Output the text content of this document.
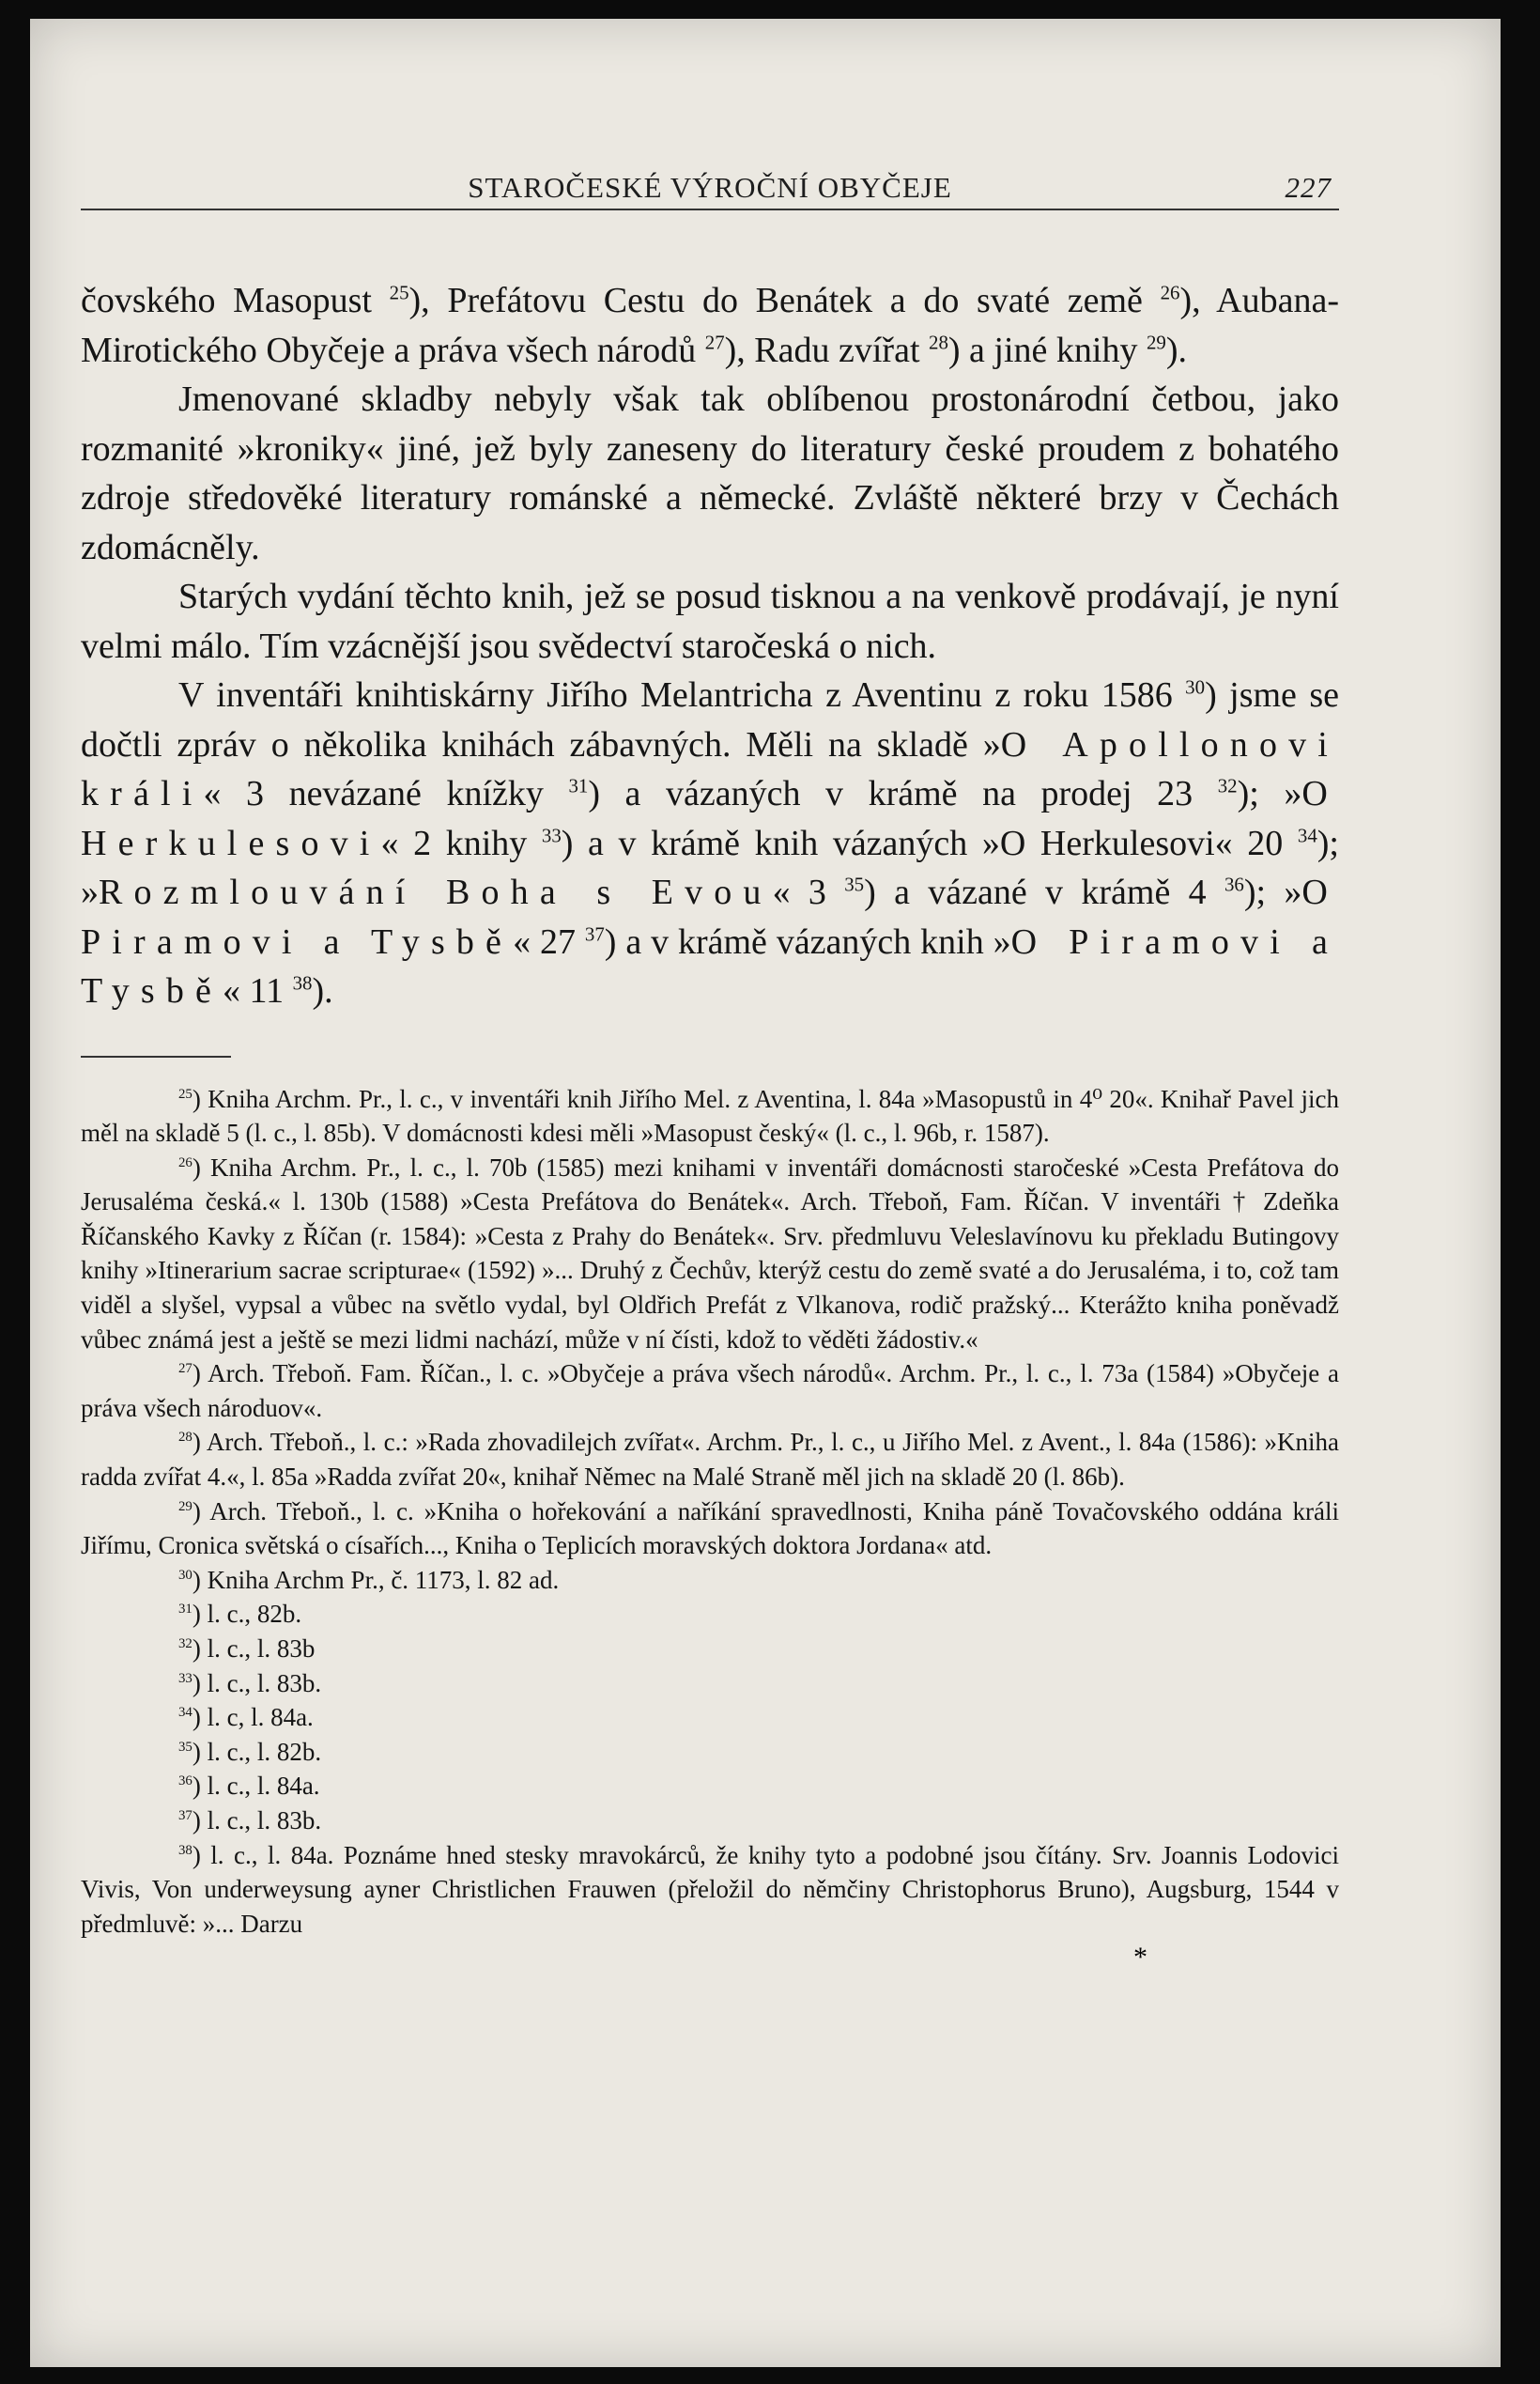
STAROČESKÉ VÝROČNÍ OBYČEJE	227

čovského Masopust $^{25}$), Prefátovu Cestu do Benátek a do svaté země $^{26}$), Aubana-Mirotického Obyčeje a práva všech národů $^{27}$), Radu zvířat $^{28}$) a jiné knihy $^{29}$).

Jmenované skladby nebyly však tak oblíbenou prostonárodní četbou, jako rozmanité »kroniky« jiné, jež byly zaneseny do literatury české proudem z bohatého zdroje středověké literatury románské a německé. Zvláště některé brzy v Čechách zdomácněly.

Starých vydání těchto knih, jež se posud tisknou a na venkově prodávají, je nyní velmi málo. Tím vzácnější jsou svědectví staročeská o nich.

V inventáři knihtiskárny Jiřího Melantricha z Aventinu z roku 1586 $^{30}$) jsme se dočtli zpráv o několika knihách zábavných. Měli na skladě »O Apollonovi králi« 3 nevázané knížky $^{31}$) a vázaných v krámě na prodej 23 $^{32}$); »O Herkulesovi« 2 knihy $^{33}$) a v krámě knih vázaných »O Herkulesovi« 20 $^{34}$); »Rozmlouvání Boha s Evou« 3 $^{35}$) a vázané v krámě 4 $^{36}$); »O Piramovi a Tysbě« 27 $^{37}$) a v krámě vázaných knih »O Piramovi a Tysbě« 11 $^{38}$).

$^{25}$) Kniha Archm. Pr., l. c., v inventáři knih Jiřího Mel. z Aventina, l. 84a »Masopustů in 4⁰ 20«. Knihař Pavel jich měl na skladě 5 (l. c., l. 85b). V domácnosti kdesi měli »Masopust český« (l. c., l. 96b, r. 1587).

$^{26}$) Kniha Archm. Pr., l. c., l. 70b (1585) mezi knihami v inventáři domácnosti staročeské »Cesta Prefátova do Jerusaléma česká.« l. 130b (1588) »Cesta Prefátova do Benátek«. Arch. Třeboň, Fam. Říčan. V inventáři † Zdeňka Říčanského Kavky z Říčan (r. 1584): »Cesta z Prahy do Benátek«. Srv. předmluvu Veleslavínovu ku překladu Butingovy knihy »Itinerarium sacrae scripturae« (1592) »... Druhý z Čechův, kterýž cestu do země svaté a do Jerusaléma, i to, což tam viděl a slyšel, vypsal a vůbec na světlo vydal, byl Oldřich Prefát z Vlkanova, rodič pražský... Kterážto kniha poněvadž vůbec známá jest a ještě se mezi lidmi nachází, může v ní čísti, kdož to věděti žádostiv.«

$^{27}$) Arch. Třeboň. Fam. Říčan., l. c. »Obyčeje a práva všech národů«. Archm. Pr., l. c., l. 73a (1584) »Obyčeje a práva všech národuov«.

$^{28}$) Arch. Třeboň., l. c.: »Rada zhovadilejch zvířat«. Archm. Pr., l. c., u Jiřího Mel. z Avent., l. 84a (1586): »Kniha radda zvířat 4.«, l. 85a »Radda zvířat 20«, knihař Němec na Malé Straně měl jich na skladě 20 (l. 86b).

$^{29}$) Arch. Třeboň., l. c. »Kniha o hořekování a naříkání spravedlnosti, Kniha páně Tovačovského oddána králi Jiřímu, Cronica světská o císařích..., Kniha o Teplicích moravských doktora Jordana« atd.

$^{30}$) Kniha Archm Pr., č. 1173, l. 82 ad.

$^{31}$) l. c., 82b.

$^{32}$) l. c., l. 83b

$^{33}$) l. c., l. 83b.

$^{34}$) l. c, l. 84a.

$^{35}$) l. c., l. 82b.

$^{36}$) l. c., l. 84a.

$^{37}$) l. c., l. 83b.

$^{38}$) l. c., l. 84a. Poznáme hned stesky mravokárců, že knihy tyto a podobné jsou čítány. Srv. Joannis Lodovici Vivis, Von underweysung ayner Christlichen Frauwen (přeložil do němčiny Christophorus Bruno), Augsburg, 1544 v předmluvě: »... Darzu

*
